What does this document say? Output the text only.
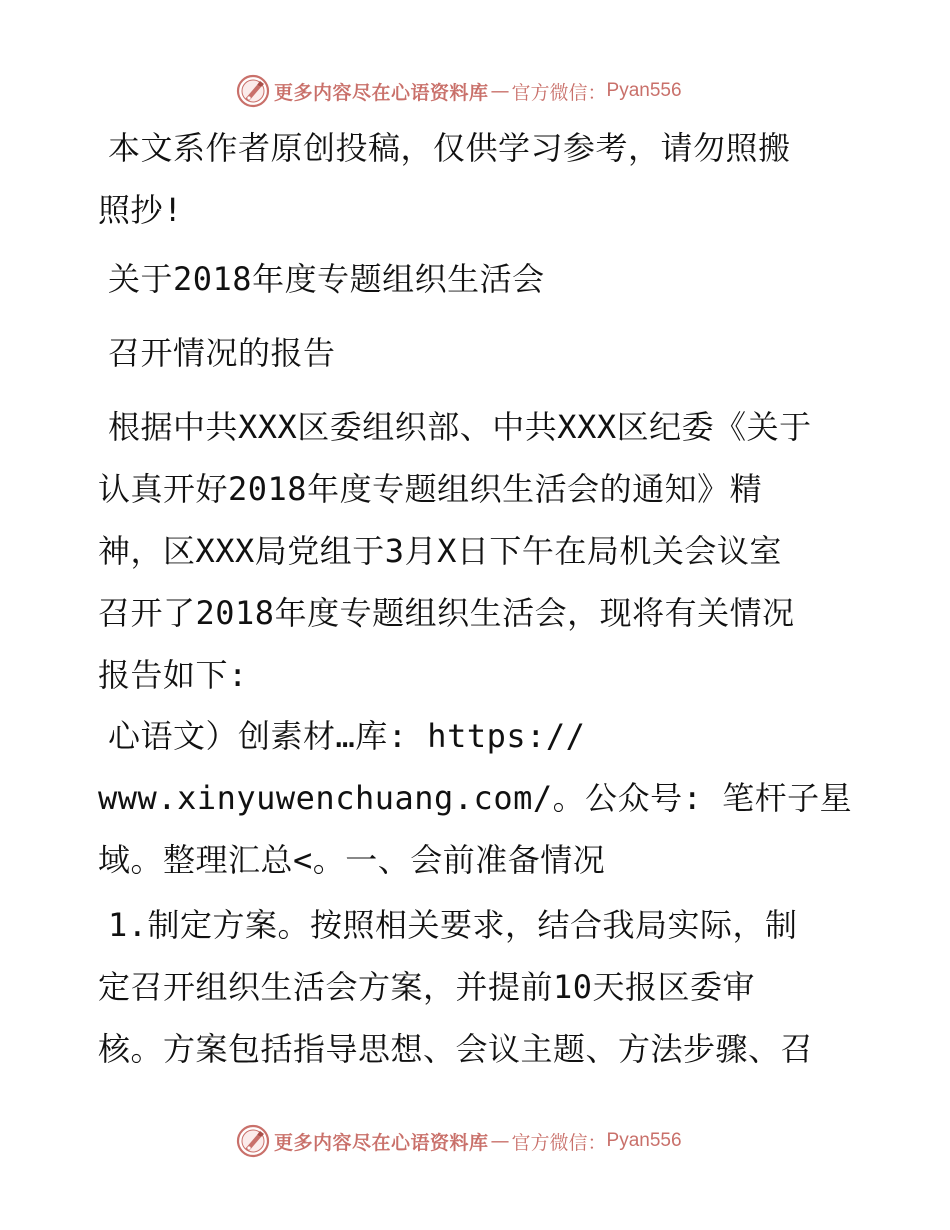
更多内容尽在心语资料库 — 官方微信： Pyan556
本文系作者原创投稿，仅供学习参考，请勿照搬
照抄!
关于2018年度专题组织生活会
召开情况的报告
根据中共XXX区委组织部、中共XXX区纪委《关于
认真开好2018年度专题组织生活会的通知》精
神，区XXX局党组于3月X日下午在局机关会议室
召开了2018年度专题组织生活会，现将有关情况
报告如下:
心语文）创素材…库: https://
www.xinyuwenchuang.com/。公众号: 笔杆子星
域。整理汇总<。一、会前准备情况
1.制定方案。按照相关要求，结合我局实际，制
定召开组织生活会方案，并提前10天报区委审
核。方案包括指导思想、会议主题、方法步骤、召
更多内容尽在心语资料库 — 官方微信： Pyan556
